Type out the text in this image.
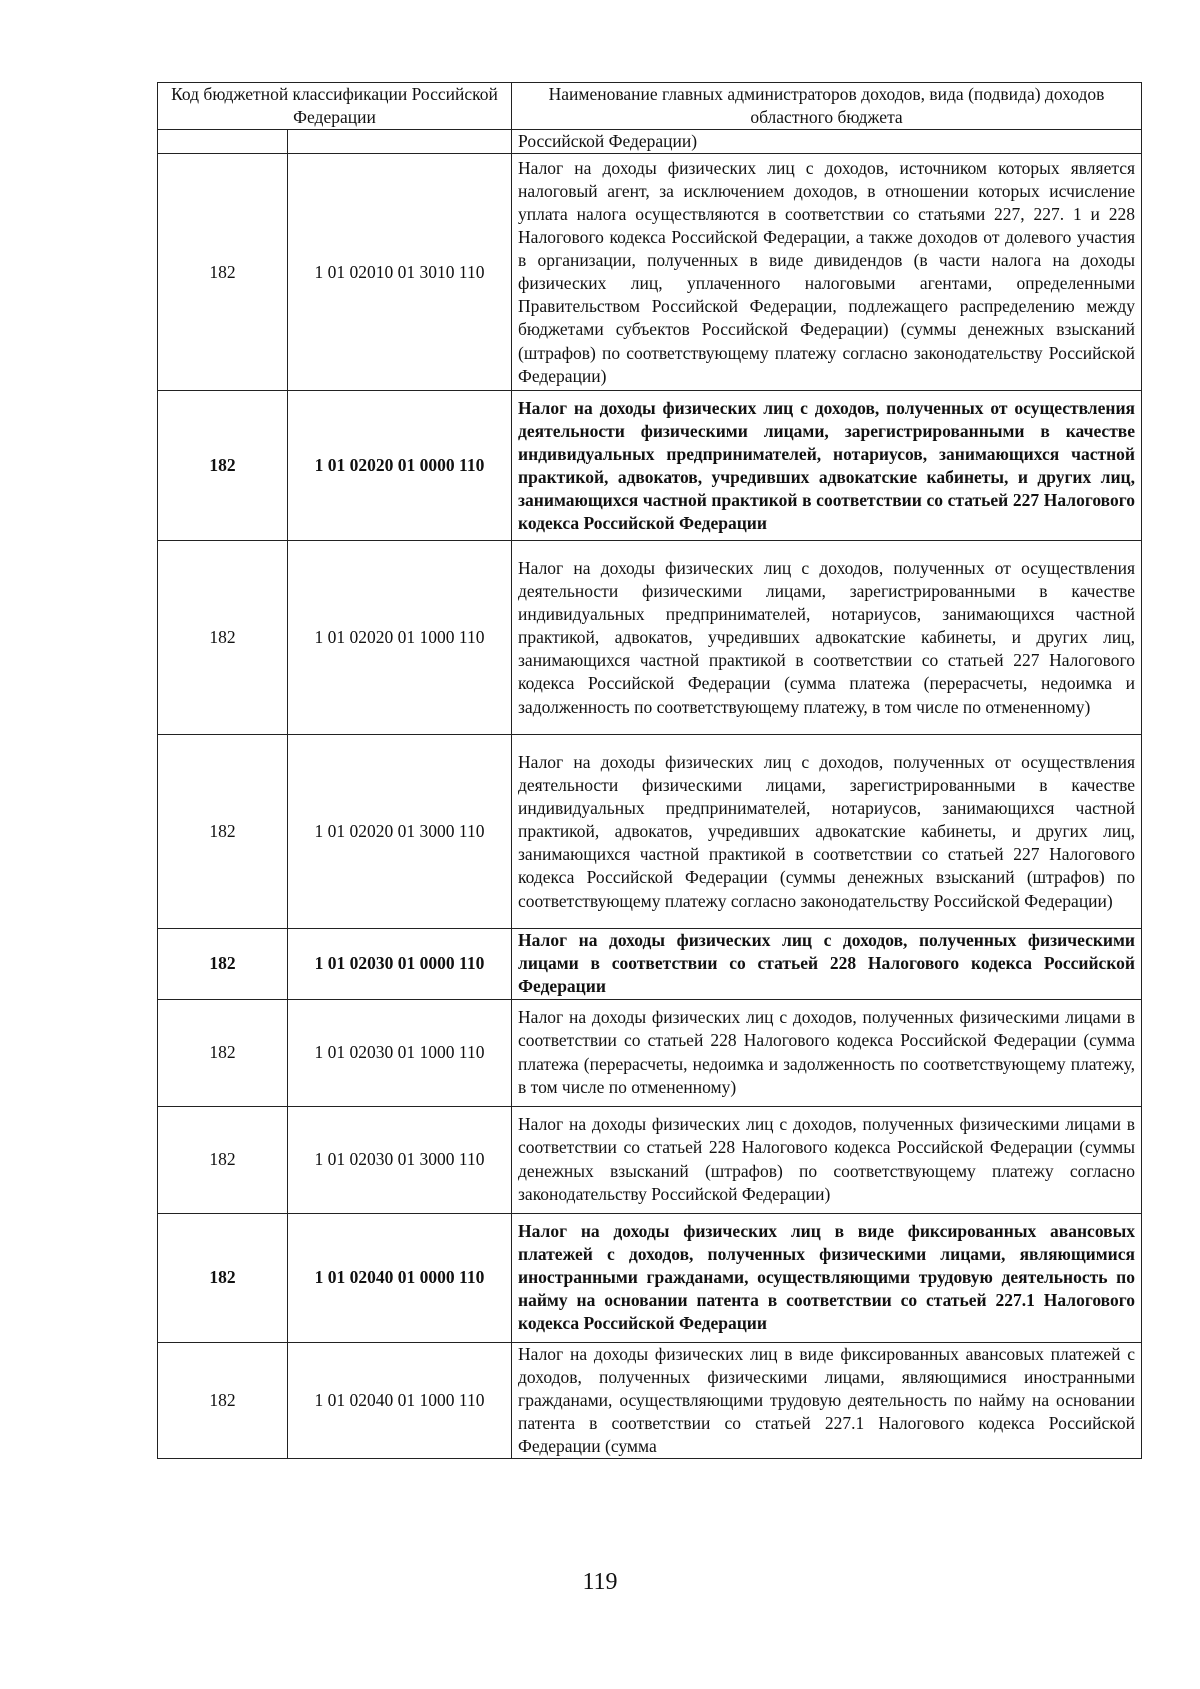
Код бюджетной классификации Российской Федерации		Наименование главных администраторов доходов, вида (подвида) доходов областного бюджета
		Российской Федерации)
182	1 01 02010 01 3010 110	Налог на доходы физических лиц с доходов, источником которых является налоговый агент, за исключением доходов, в отношении которых исчисление уплата налога осуществляются в соответствии со статьями 227, 227. 1 и 228 Налогового кодекса Российской Федерации, а также доходов от долевого участия в организации, полученных в виде дивидендов (в части налога на доходы физических лиц, уплаченного налоговыми агентами, определенными Правительством Российской Федерации, подлежащего распределению между бюджетами субъектов Российской Федерации) (суммы денежных взысканий (штрафов) по соответствующему платежу согласно законодательству Российской Федерации)
182	1 01 02020 01 0000 110	Налог на доходы физических лиц с доходов, полученных от осуществления деятельности физическими лицами, зарегистрированными в качестве индивидуальных предпринимателей, нотариусов, занимающихся частной практикой, адвокатов, учредивших адвокатские кабинеты, и других лиц, занимающихся частной практикой в соответствии со статьей 227 Налогового кодекса Российской Федерации
182	1 01 02020 01 1000 110	Налог на доходы физических лиц с доходов, полученных от осуществления деятельности физическими лицами, зарегистрированными в качестве индивидуальных предпринимателей, нотариусов, занимающихся частной практикой, адвокатов, учредивших адвокатские кабинеты, и других лиц, занимающихся частной практикой в соответствии со статьей 227 Налогового кодекса Российской Федерации (сумма платежа (перерасчеты, недоимка и задолженность по соответствующему платежу, в том числе по отмененному)
182	1 01 02020 01 3000 110	Налог на доходы физических лиц с доходов, полученных от осуществления деятельности физическими лицами, зарегистрированными в качестве индивидуальных предпринимателей, нотариусов, занимающихся частной практикой, адвокатов, учредивших адвокатские кабинеты, и других лиц, занимающихся частной практикой в соответствии со статьей 227 Налогового кодекса Российской Федерации (суммы денежных взысканий (штрафов) по соответствующему платежу согласно законодательству Российской Федерации)
182	1 01 02030 01 0000 110	Налог на доходы физических лиц с доходов, полученных физическими лицами в соответствии со статьей 228 Налогового кодекса Российской Федерации
182	1 01 02030 01 1000 110	Налог на доходы физических лиц с доходов, полученных физическими лицами в соответствии со статьей 228 Налогового кодекса Российской Федерации (сумма платежа (перерасчеты, недоимка и задолженность по соответствующему платежу, в том числе по отмененному)
182	1 01 02030 01 3000 110	Налог на доходы физических лиц с доходов, полученных физическими лицами в соответствии со статьей 228 Налогового кодекса Российской Федерации (суммы денежных взысканий (штрафов) по соответствующему платежу согласно законодательству Российской Федерации)
182	1 01 02040 01 0000 110	Налог на доходы физических лиц в виде фиксированных авансовых платежей с доходов, полученных физическими лицами, являющимися иностранными гражданами, осуществляющими трудовую деятельность по найму на основании патента в соответствии со статьей 227.1 Налогового кодекса Российской Федерации
182	1 01 02040 01 1000 110	Налог на доходы физических лиц в виде фиксированных авансовых платежей с доходов, полученных физическими лицами, являющимися иностранными гражданами, осуществляющими трудовую деятельность по найму на основании патента в соответствии со статьей 227.1 Налогового кодекса Российской Федерации (сумма
119
